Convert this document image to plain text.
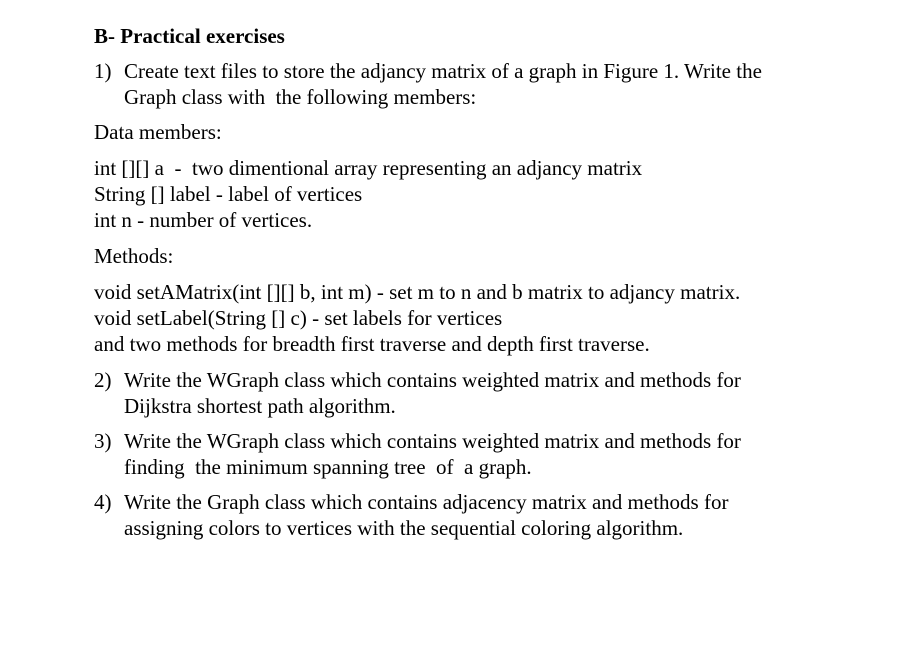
B- Practical exercises
1) Create text files to store the adjancy matrix of a graph in Figure 1. Write the
Graph class with  the following members:
Data members:
int [][] a  -  two dimentional array representing an adjancy matrix
String [] label - label of vertices
int n - number of vertices.
Methods:
void setAMatrix(int [][] b, int m) - set m to n and b matrix to adjancy matrix.
void setLabel(String [] c) - set labels for vertices
and two methods for breadth first traverse and depth first traverse.
2) Write the WGraph class which contains weighted matrix and methods for
Dijkstra shortest path algorithm.
3) Write the WGraph class which contains weighted matrix and methods for
finding  the minimum spanning tree  of  a graph.
4) Write the Graph class which contains adjacency matrix and methods for
assigning colors to vertices with the sequential coloring algorithm.
